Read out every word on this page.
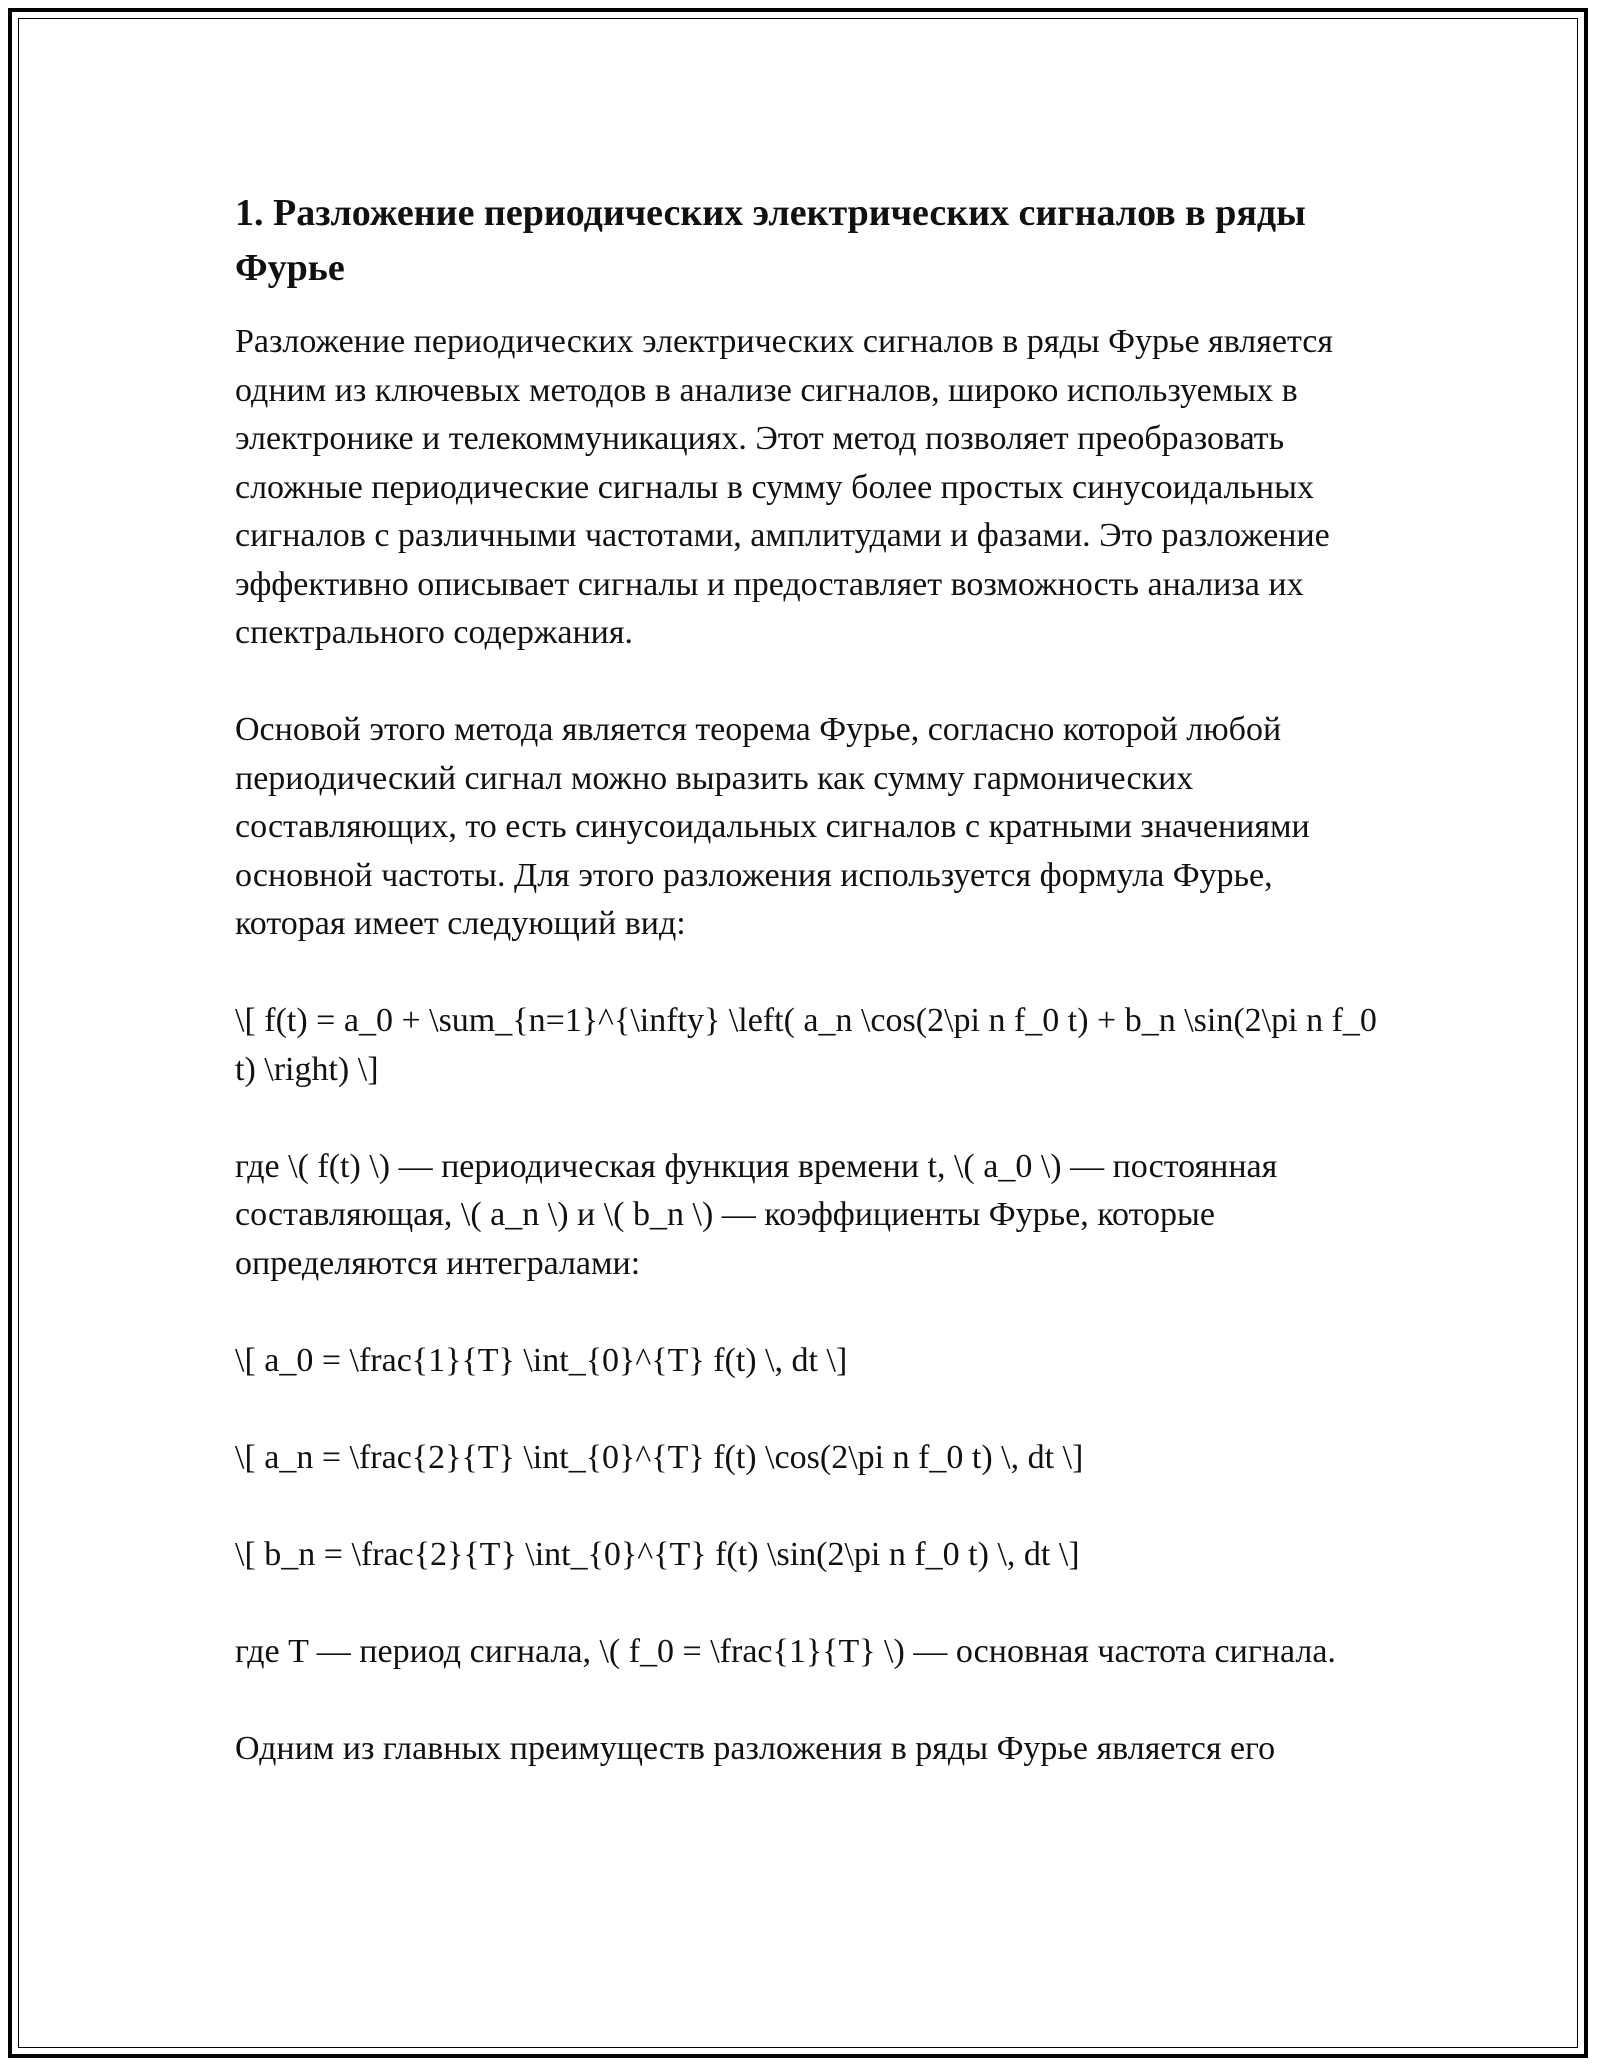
1. Разложение периодических электрических сигналов в ряды Фурье

Разложение периодических электрических сигналов в ряды Фурье является одним из ключевых методов в анализе сигналов, широко используемых в электронике и телекоммуникациях. Этот метод позволяет преобразовать сложные периодические сигналы в сумму более простых синусоидальных сигналов с различными частотами, амплитудами и фазами. Это разложение эффективно описывает сигналы и предоставляет возможность анализа их спектрального содержания.

Основой этого метода является теорема Фурье, согласно которой любой периодический сигнал можно выразить как сумму гармонических составляющих, то есть синусоидальных сигналов с кратными значениями основной частоты. Для этого разложения используется формула Фурье, которая имеет следующий вид:

\[ f(t) = a_0 + \sum_{n=1}^{\infty} \left( a_n \cos(2\pi n f_0 t) + b_n \sin(2\pi n f_0 t) \right) \]

где \( f(t) \) — периодическая функция времени t, \( a_0 \) — постоянная составляющая, \( a_n \) и \( b_n \) — коэффициенты Фурье, которые определяются интегралами:

\[ a_0 = \frac{1}{T} \int_{0}^{T} f(t) \, dt \]

\[ a_n = \frac{2}{T} \int_{0}^{T} f(t) \cos(2\pi n f_0 t) \, dt \]

\[ b_n = \frac{2}{T} \int_{0}^{T} f(t) \sin(2\pi n f_0 t) \, dt \]

где T — период сигнала, \( f_0 = \frac{1}{T} \) — основная частота сигнала.

Одним из главных преимуществ разложения в ряды Фурье является его
